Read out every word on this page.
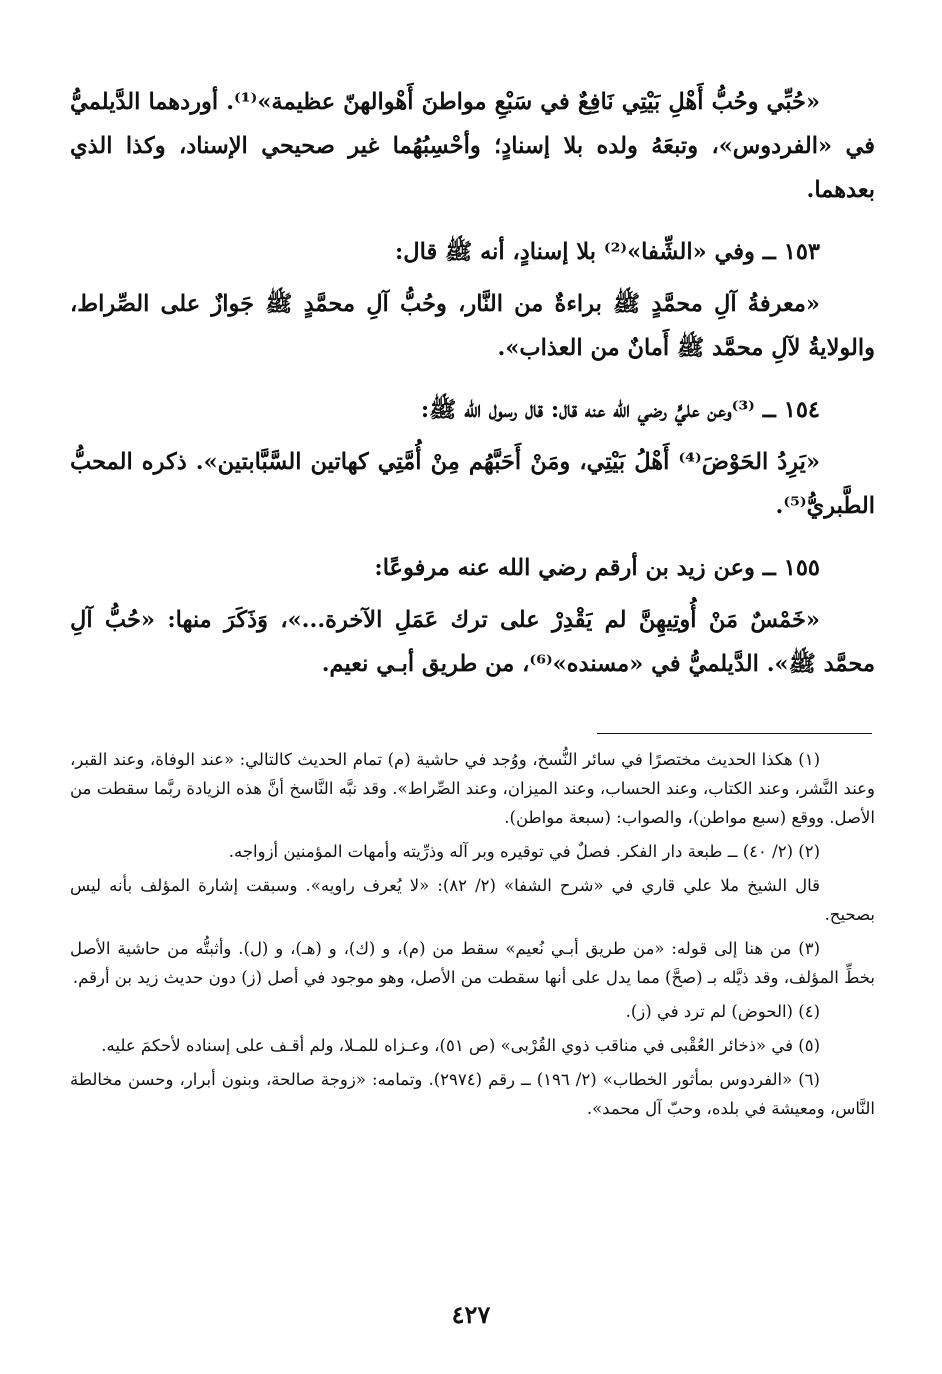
«حُبِّي وحُبُّ أَهْلِ بَيْتِي نَافِعٌ في سَبْعِ مواطنَ أَهْوالهنّ عظيمة»⁽¹⁾. أوردهما الدَّيلميُّ في «الفردوس»، وتبعَهُ ولده بلا إسنادٍ؛ وأحْسِبُهُما غير صحيحي الإسناد، وكذا الذي بعدهما.

١٥٣ ــ وفي «الشِّفا»⁽²⁾ بلا إسنادٍ، أنه ﷺ قال:

«معرفةُ آلِ محمَّدٍ ﷺ براءةٌ من النَّار، وحُبُّ آلِ محمَّدٍ ﷺ جَوازٌ على الصِّراط، والولايةُ لآلِ محمَّد ﷺ أَمانٌ من العذاب».

١٥٤ ــ ⁽³⁾وعن عليٍّ رضي الله عنه قال: قال رسول الله ﷺ:

«يَرِدُ الحَوْضَ⁽⁴⁾ أَهْلُ بَيْتِي، ومَنْ أَحَبَّهُم مِنْ أُمَّتِي كهاتين السَّبَّابتين». ذكره المحبُّ الطَّبريُّ⁽⁵⁾.

١٥٥ ــ وعن زيد بن أرقم رضي الله عنه مرفوعًا:

«خَمْسٌ مَنْ أُوتِيهِنَّ لم يَقْدِرْ على ترك عَمَلِ الآخرة...»، وَذَكَرَ منها: «حُبُّ آلِ محمَّد ﷺ». الدَّيلميُّ في «مسنده»⁽⁶⁾، من طريق أبـي نعيم.

(١) هكذا الحديث مختصرًا في سائر النُّسخ، ووُجد في حاشية (م) تمام الحديث كالتالي: «عند الوفاة، وعند القبر، وعند النَّشر، وعند الكتاب، وعند الحساب، وعند الميزان، وعند الصِّراط». وقد نبَّه النَّاسخ أنَّ هذه الزيادة ربَّما سقطت من الأصل. ووقع (سبع مواطن)، والصواب: (سبعة مواطن).

(٢) (٢/ ٤٠) ــ طبعة دار الفكر. فصلٌ في توقيره وبر آله وذرِّيته وأمهات المؤمنين أزواجه.

قال الشيخ ملا علي قاري في «شرح الشفا» (٢/ ٨٢): «لا يُعرف راويه». وسبقت إشارة المؤلف بأنه ليس بصحيح.

(٣) من هنا إلى قوله: «من طريق أبـي نُعيم» سقط من (م)، و (ك)، و (هـ)، و (ل). وأثبتُّه من حاشية الأصل بخطِّ المؤلف، وقد ذيَّله بـ (صحَّ) مما يدل على أنها سقطت من الأصل، وهو موجود في أصل (ز) دون حديث زيد بن أرقم.

(٤) (الحوض) لم ترد في (ز).

(٥) في «ذخائر العُقْبى في مناقب ذوي القُرْبى» (ص ٥١)، وعـزاه للمـلا، ولم أقـف على إسناده لأحكمَ عليه.

(٦) «الفردوس بمأثور الخطاب» (٢/ ١٩٦) ــ رقم (٢٩٧٤). وتمامه: «زوجة صالحة، وبنون أبرار، وحسن مخالطة النَّاس، ومعيشة في بلده، وحبّ آل محمد».

٤٢٧
